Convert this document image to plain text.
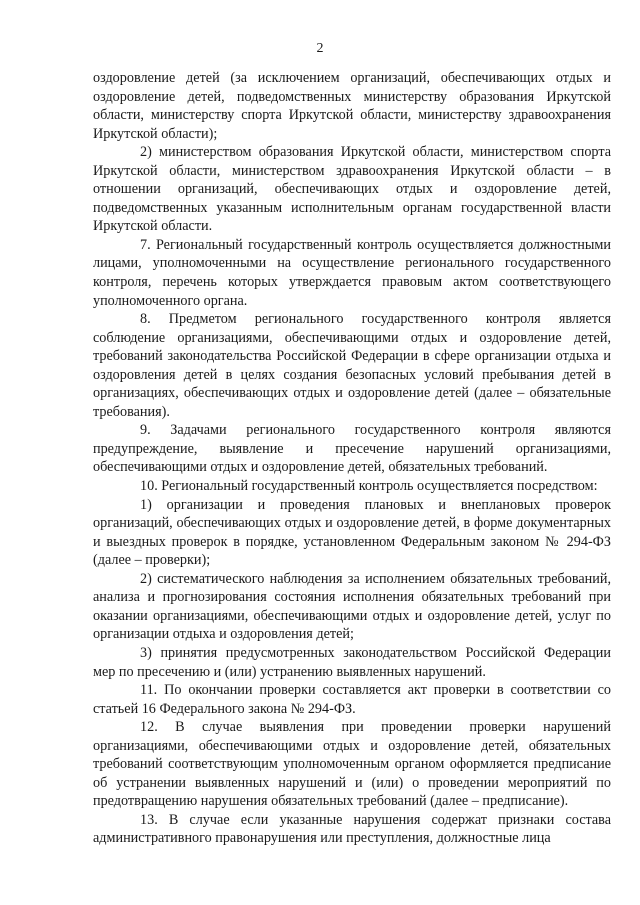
2

оздоровление детей (за исключением организаций, обеспечивающих отдых и оздоровление детей, подведомственных министерству образования Иркутской области, министерству спорта Иркутской области, министерству здравоохранения Иркутской области);

2) министерством образования Иркутской области, министерством спорта Иркутской области, министерством здравоохранения Иркутской области – в отношении организаций, обеспечивающих отдых и оздоровление детей, подведомственных указанным исполнительным органам государственной власти Иркутской области.

7. Региональный государственный контроль осуществляется должностными лицами, уполномоченными на осуществление регионального государственного контроля, перечень которых утверждается правовым актом соответствующего уполномоченного органа.

8. Предметом регионального государственного контроля является соблюдение организациями, обеспечивающими отдых и оздоровление детей, требований законодательства Российской Федерации в сфере организации отдыха и оздоровления детей в целях создания безопасных условий пребывания детей в организациях, обеспечивающих отдых и оздоровление детей (далее – обязательные требования).

9. Задачами регионального государственного контроля являются предупреждение, выявление и пресечение нарушений организациями, обеспечивающими отдых и оздоровление детей, обязательных требований.

10. Региональный государственный контроль осуществляется посредством:

1) организации и проведения плановых и внеплановых проверок организаций, обеспечивающих отдых и оздоровление детей, в форме документарных и выездных проверок в порядке, установленном Федеральным законом № 294-ФЗ (далее – проверки);

2) систематического наблюдения за исполнением обязательных требований, анализа и прогнозирования состояния исполнения обязательных требований при оказании организациями, обеспечивающими отдых и оздоровление детей, услуг по организации отдыха и оздоровления детей;

3) принятия предусмотренных законодательством Российской Федерации мер по пресечению и (или) устранению выявленных нарушений.

11. По окончании проверки составляется акт проверки в соответствии со статьей 16 Федерального закона № 294-ФЗ.

12. В случае выявления при проведении проверки нарушений организациями, обеспечивающими отдых и оздоровление детей, обязательных требований соответствующим уполномоченным органом оформляется предписание об устранении выявленных нарушений и (или) о проведении мероприятий по предотвращению нарушения обязательных требований (далее – предписание).

13. В случае если указанные нарушения содержат признаки состава административного правонарушения или преступления, должностные лица
